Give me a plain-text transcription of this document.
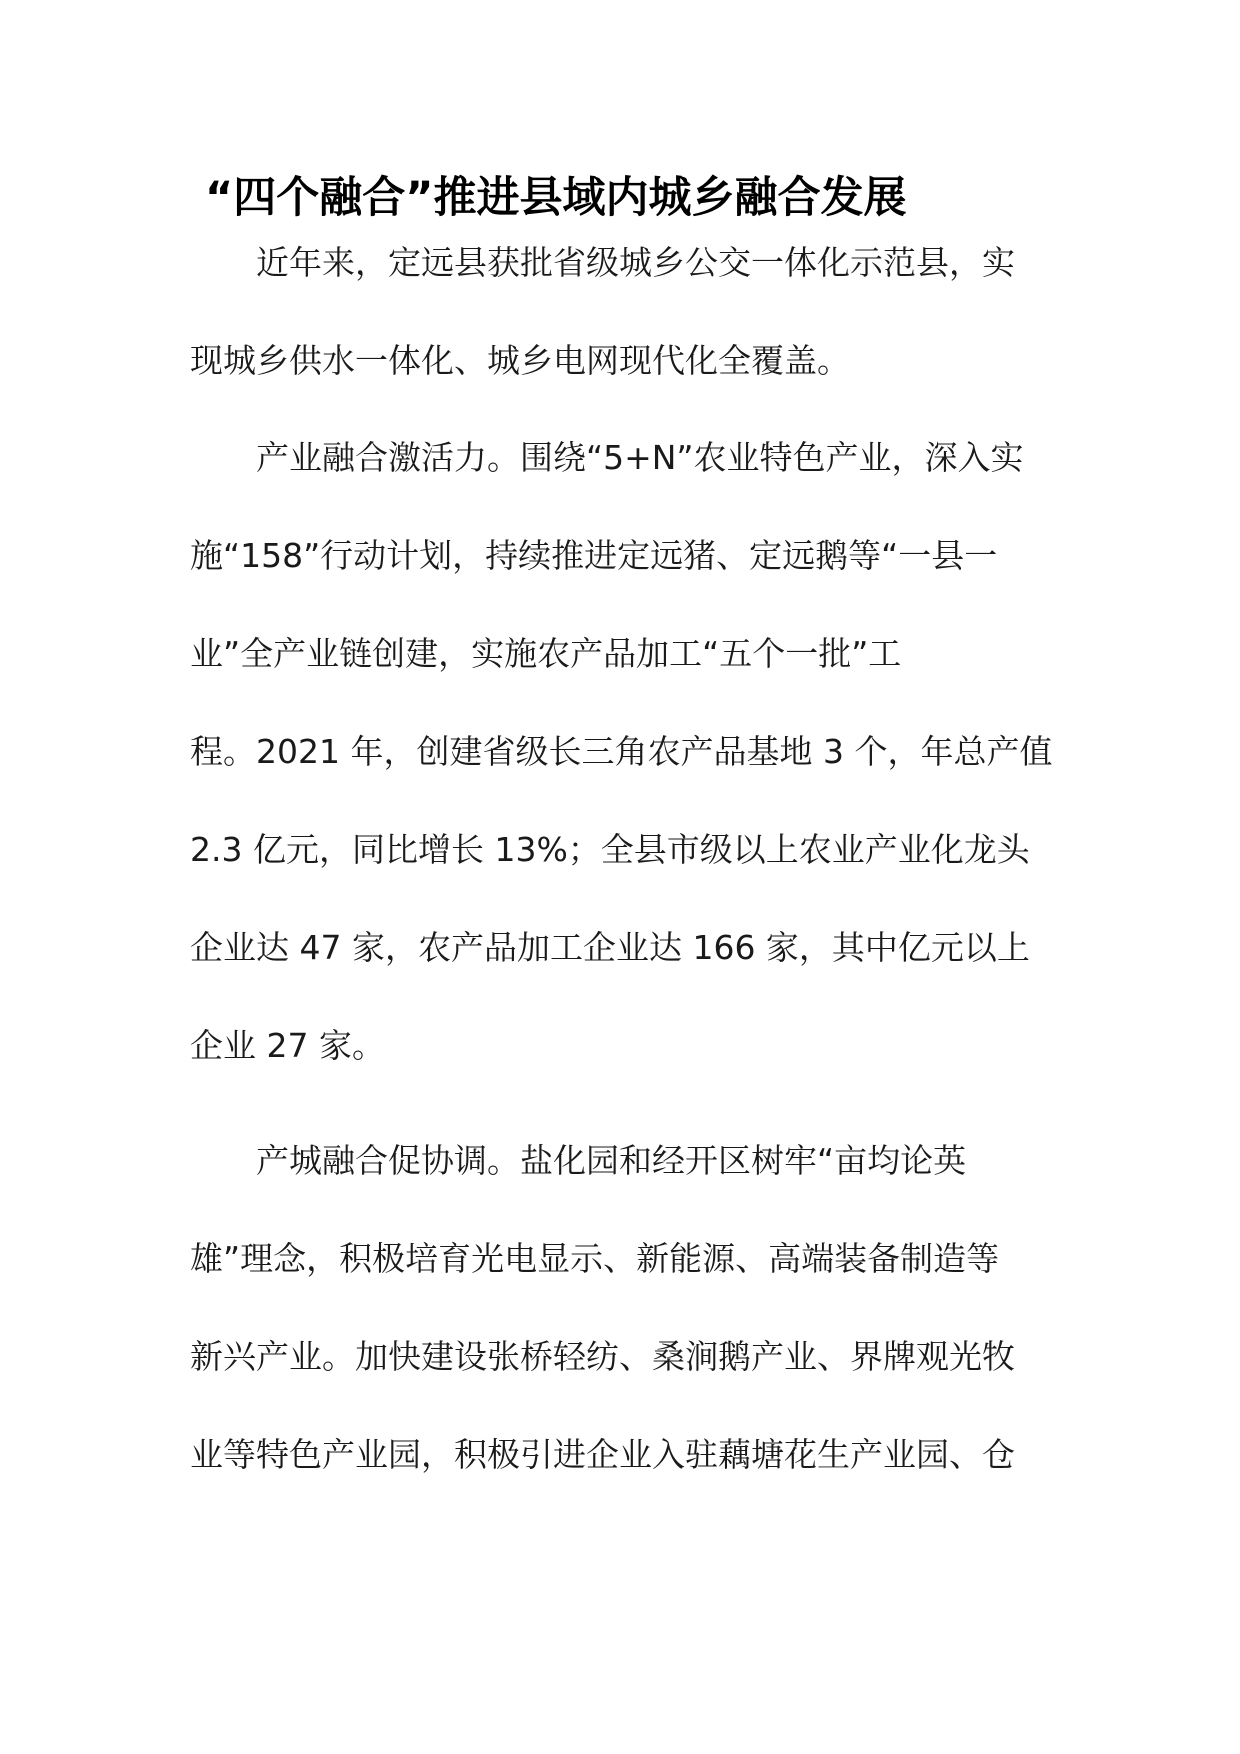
“四个融合”推进县域内城乡融合发展
近年来，定远县获批省级城乡公交一体化示范县，实
现城乡供水一体化、城乡电网现代化全覆盖。
产业融合激活力。围绕“5+N”农业特色产业，深入实
施“158”行动计划，持续推进定远猪、定远鹅等“一县一
业”全产业链创建，实施农产品加工“五个一批”工
程。2021 年，创建省级长三角农产品基地 3 个，年总产值
2.3 亿元，同比增长 13%；全县市级以上农业产业化龙头
企业达 47 家，农产品加工企业达 166 家，其中亿元以上
企业 27 家。
产城融合促协调。盐化园和经开区树牢“亩均论英
雄”理念，积极培育光电显示、新能源、高端装备制造等
新兴产业。加快建设张桥轻纺、桑涧鹅产业、界牌观光牧
业等特色产业园，积极引进企业入驻藕塘花生产业园、仓
